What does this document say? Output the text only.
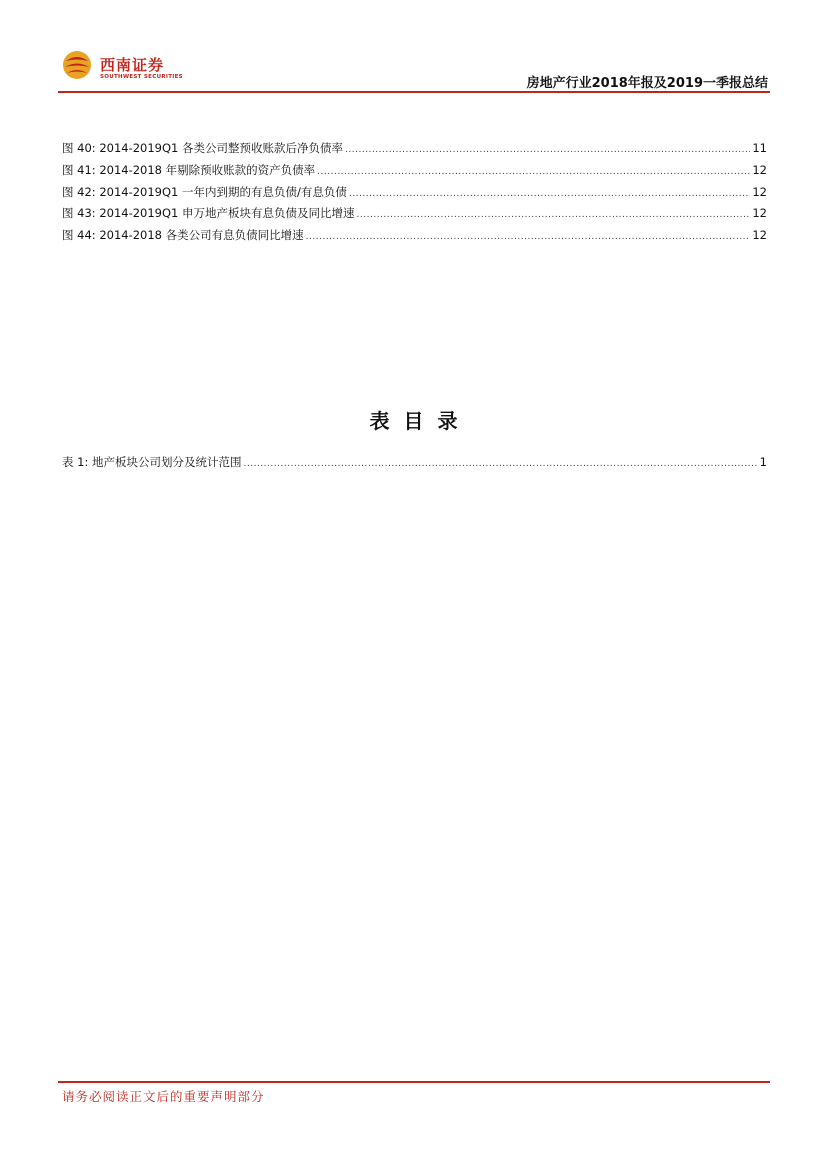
西南证券
SOUTHWEST SECURITIES	房地产行业2018年报及2019一季报总结
图 40: 2014-2019Q1 各类公司整预收账款后净负债率 .....	11
图 41: 2014-2018 年剔除预收账款的资产负债率 .....	12
图 42: 2014-2019Q1 一年内到期的有息负债/有息负债 .....	12
图 43: 2014-2019Q1 申万地产板块有息负债及同比增速 .....	12
图 44: 2014-2018 各类公司有息负债同比增速 .....	12
表目录
表 1: 地产板块公司划分及统计范围 .....	1
请务必阅读正文后的重要声明部分
